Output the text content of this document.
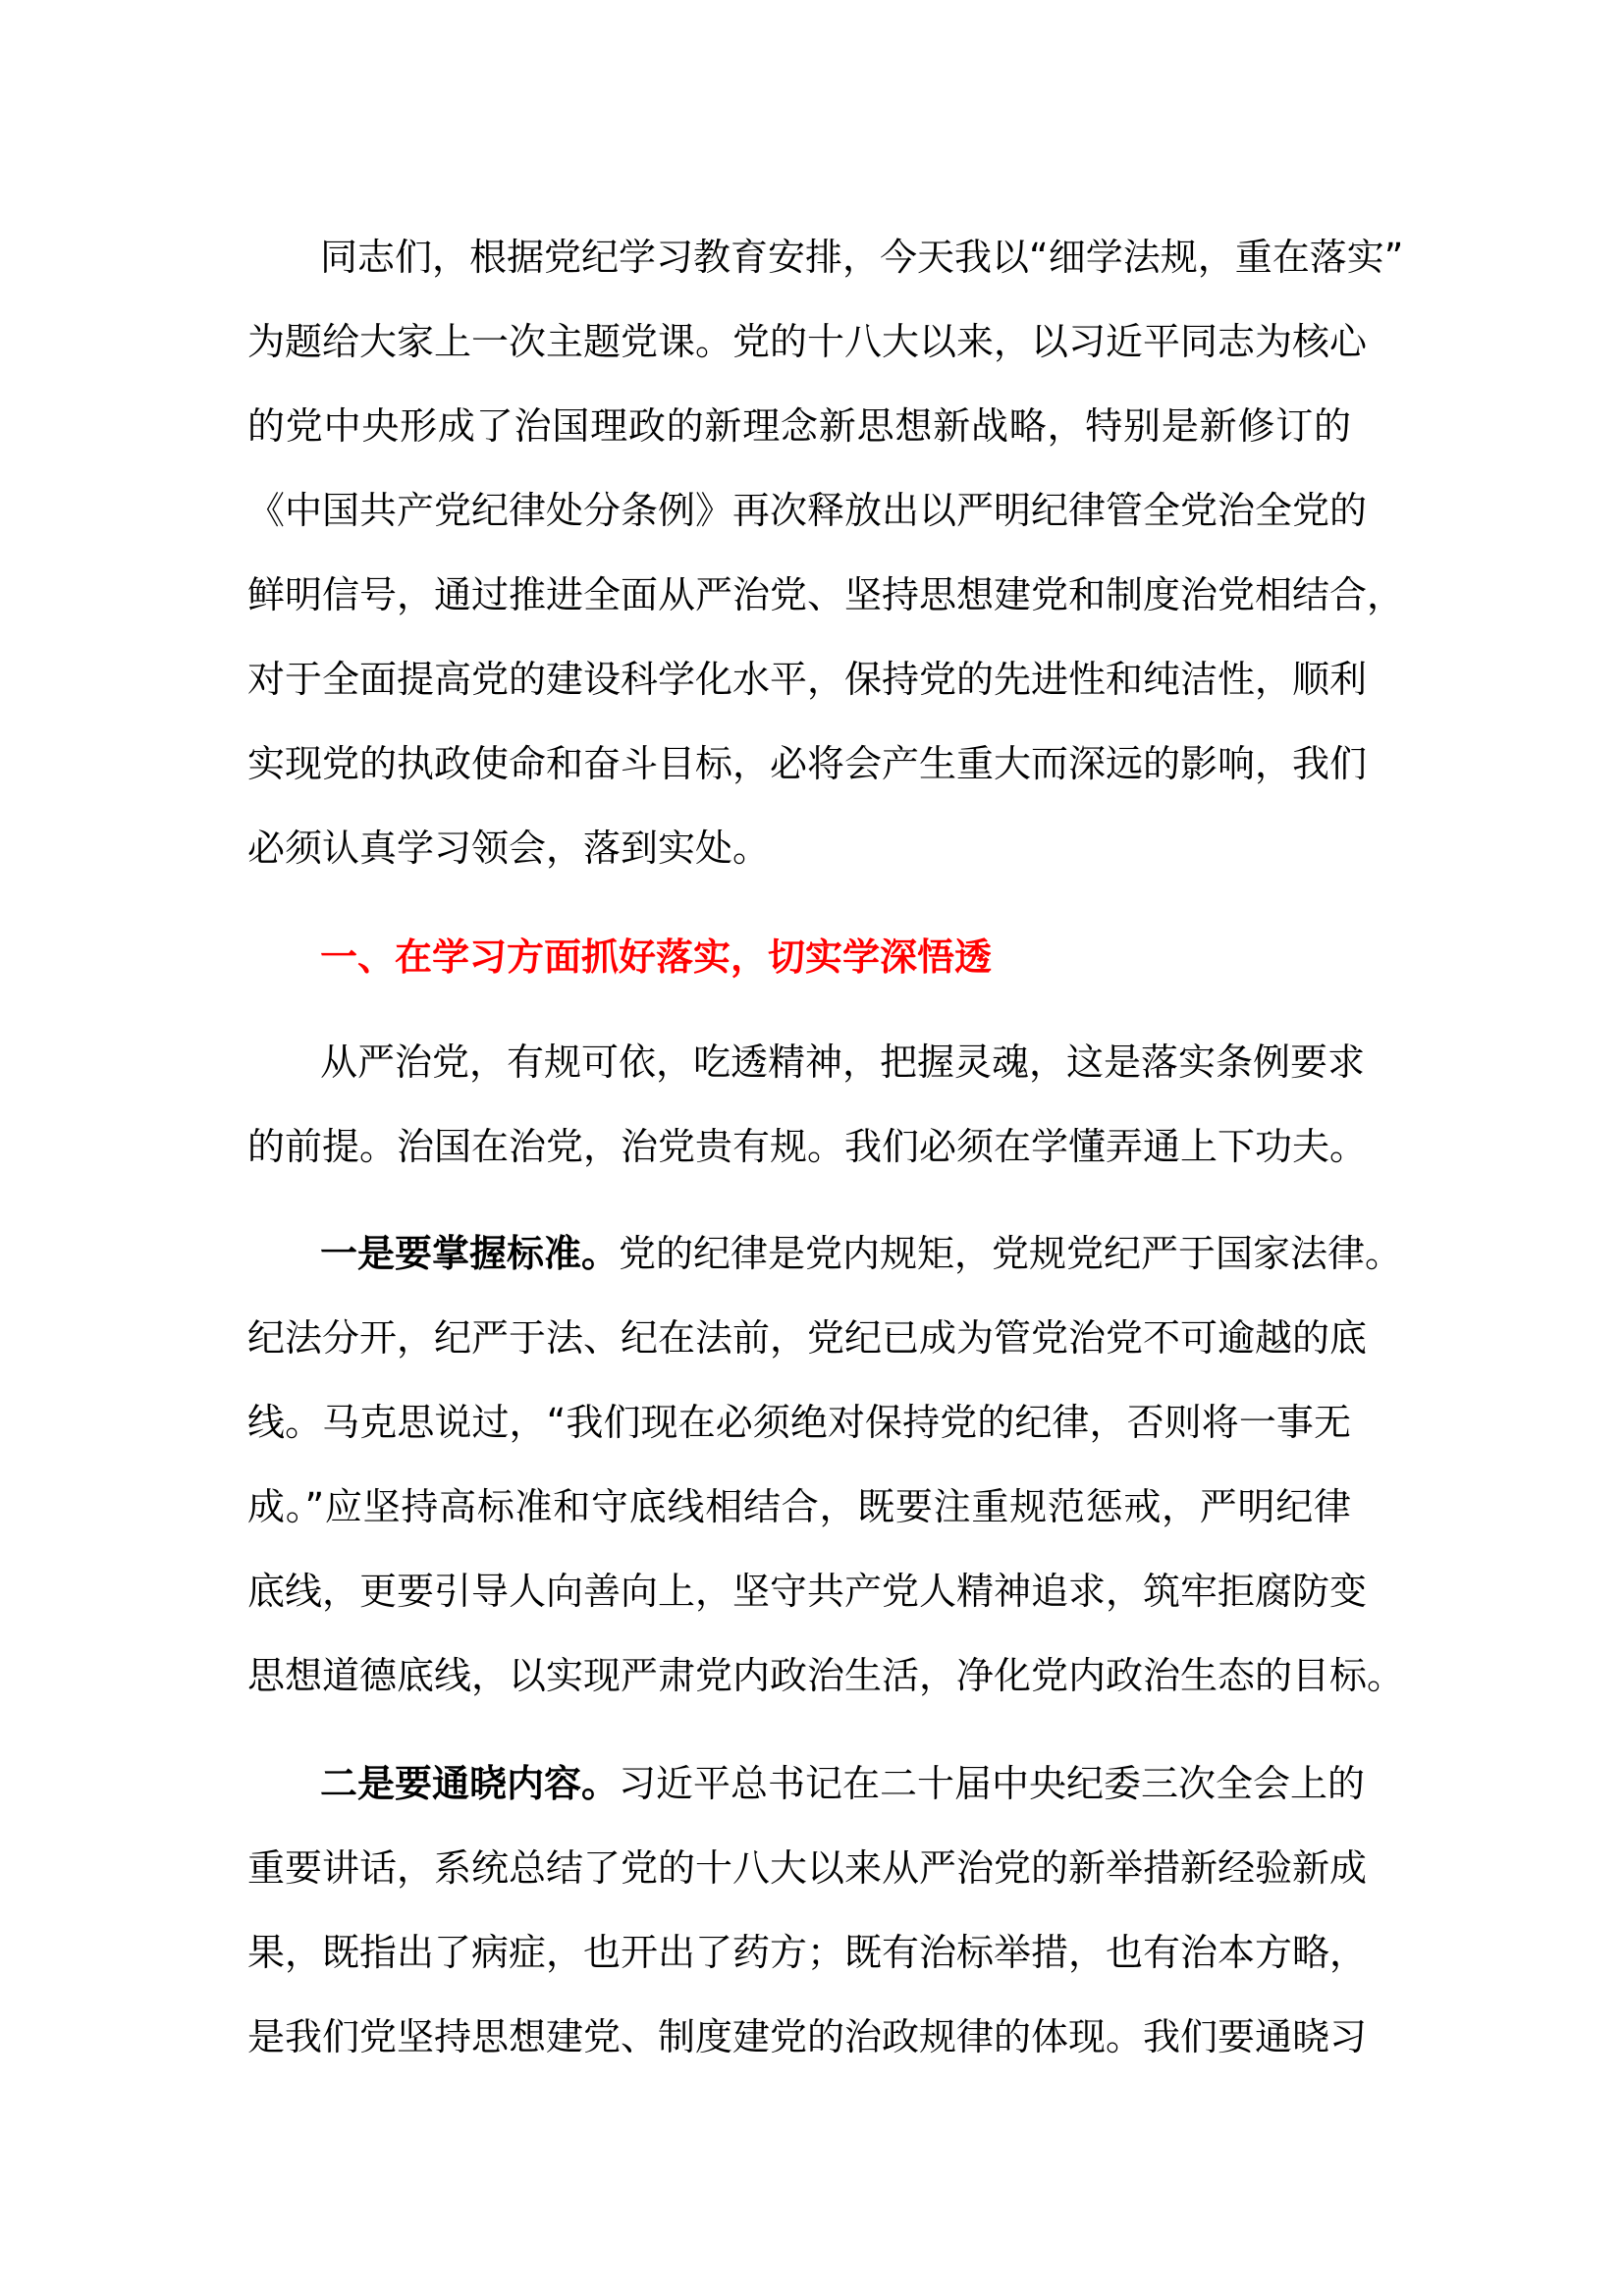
同志们，根据党纪学习教育安排，今天我以“细学法规，重在落实”
为题给大家上一次主题党课。党的十八大以来，以习近平同志为核心
的党中央形成了治国理政的新理念新思想新战略，特别是新修订的
《中国共产党纪律处分条例》再次释放出以严明纪律管全党治全党的
鲜明信号，通过推进全面从严治党、坚持思想建党和制度治党相结合，
对于全面提高党的建设科学化水平，保持党的先进性和纯洁性，顺利
实现党的执政使命和奋斗目标，必将会产生重大而深远的影响，我们
必须认真学习领会，落到实处。
一、在学习方面抓好落实，切实学深悟透
从严治党，有规可依，吃透精神，把握灵魂，这是落实条例要求
的前提。治国在治党，治党贵有规。我们必须在学懂弄通上下功夫。
一是要掌握标准。党的纪律是党内规矩，党规党纪严于国家法律。
纪法分开，纪严于法、纪在法前，党纪已成为管党治党不可逾越的底
线。马克思说过，“我们现在必须绝对保持党的纪律，否则将一事无
成。”应坚持高标准和守底线相结合，既要注重规范惩戒，严明纪律
底线，更要引导人向善向上，坚守共产党人精神追求，筑牢拒腐防变
思想道德底线，以实现严肃党内政治生活，净化党内政治生态的目标。
二是要通晓内容。习近平总书记在二十届中央纪委三次全会上的
重要讲话，系统总结了党的十八大以来从严治党的新举措新经验新成
果，既指出了病症，也开出了药方；既有治标举措，也有治本方略，
是我们党坚持思想建党、制度建党的治政规律的体现。我们要通晓习
